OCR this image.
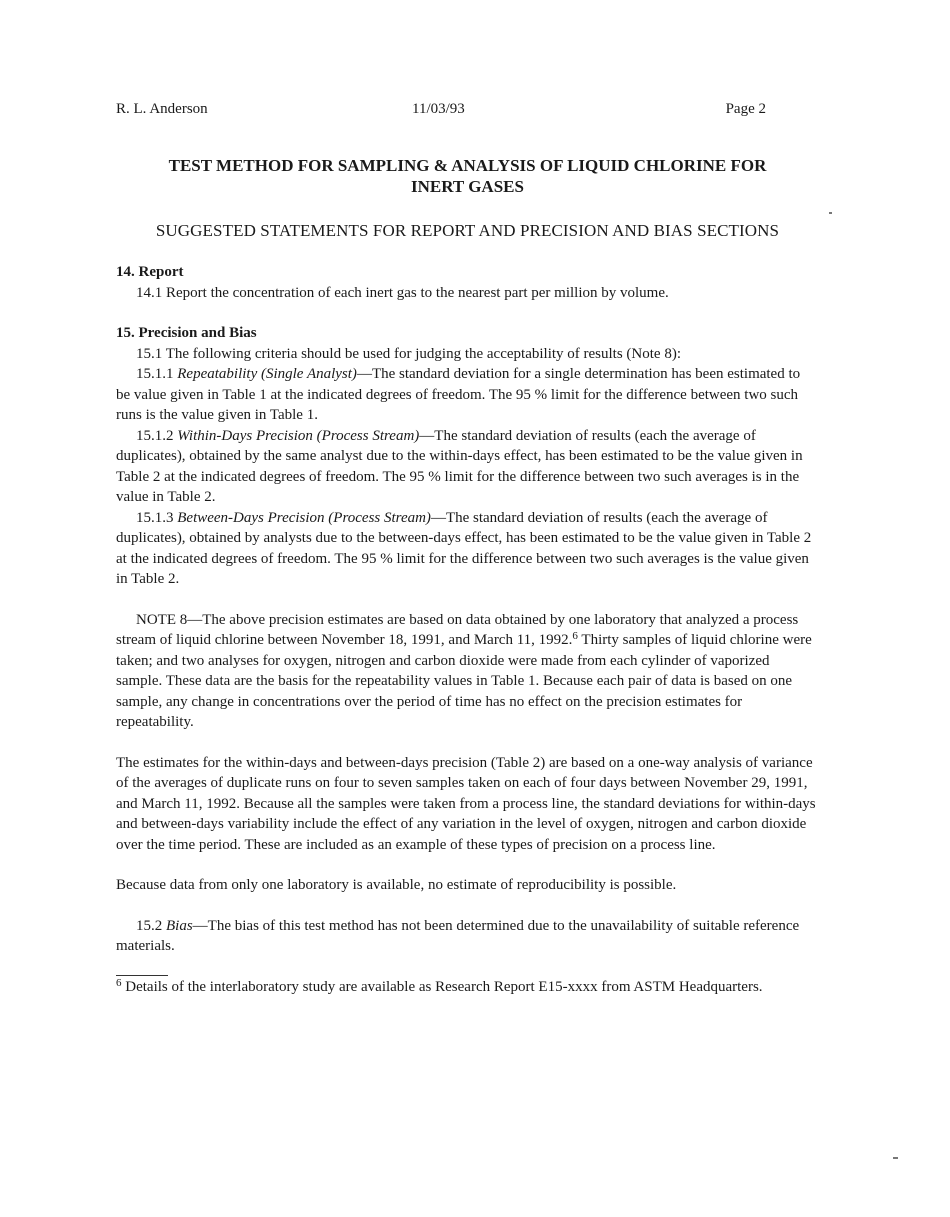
R. L. Anderson	11/03/93	Page 2
TEST METHOD FOR SAMPLING & ANALYSIS OF LIQUID CHLORINE FOR
INERT GASES
SUGGESTED STATEMENTS FOR REPORT AND PRECISION AND BIAS SECTIONS

14. Report

14.1 Report the concentration of each inert gas to the nearest part per million by volume.

15. Precision and Bias

15.1 The following criteria should be used for judging the acceptability of results (Note 8):

15.1.1 Repeatability (Single Analyst)—The standard deviation for a single determination has been estimated to be value given in Table 1 at the indicated degrees of freedom. The 95 % limit for the difference between two such runs is the value given in Table 1.

15.1.2 Within-Days Precision (Process Stream)—The standard deviation of results (each the average of duplicates), obtained by the same analyst due to the within-days effect, has been estimated to be the value given in Table 2 at the indicated degrees of freedom. The 95 % limit for the difference between two such averages is in the value in Table 2.

15.1.3 Between-Days Precision (Process Stream)—The standard deviation of results (each the average of duplicates), obtained by analysts due to the between-days effect, has been estimated to be the value given in Table 2 at the indicated degrees of freedom. The 95 % limit for the difference between two such averages is the value given in Table 2.

NOTE 8—The above precision estimates are based on data obtained by one laboratory that analyzed a process stream of liquid chlorine between November 18, 1991, and March 11, 1992.$^6$ Thirty samples of liquid chlorine were taken; and two analyses for oxygen, nitrogen and carbon dioxide were made from each cylinder of vaporized sample. These data are the basis for the repeatability values in Table 1. Because each pair of data is based on one sample, any change in concentrations over the period of time has no effect on the precision estimates for repeatability.

The estimates for the within-days and between-days precision (Table 2) are based on a one-way analysis of variance of the averages of duplicate runs on four to seven samples taken on each of four days between November 29, 1991, and March 11, 1992. Because all the samples were taken from a process line, the standard deviations for within-days and between-days variability include the effect of any variation in the level of oxygen, nitrogen and carbon dioxide over the time period. These are included as an example of these types of precision on a process line.

Because data from only one laboratory is available, no estimate of reproducibility is possible.

15.2 Bias—The bias of this test method has not been determined due to the unavailability of suitable reference materials.

$^6$ Details of the interlaboratory study are available as Research Report E15-xxxx from ASTM Headquarters.
